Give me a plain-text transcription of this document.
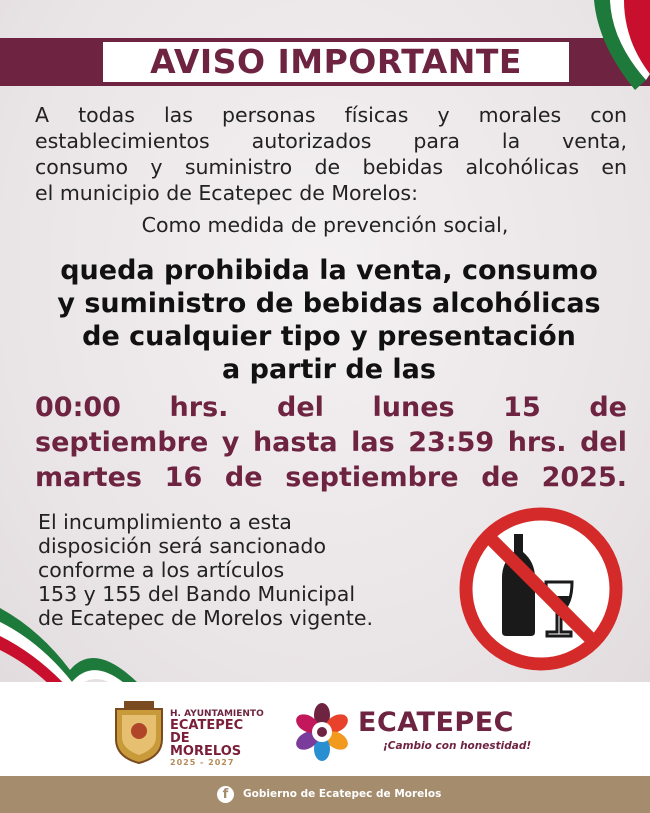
AVISO IMPORTANTE
A todas las personas físicas y morales con
establecimientos autorizados para la venta,
consumo y suministro de bebidas alcohólicas en
el municipio de Ecatepec de Morelos:
Como medida de prevención social,
queda prohibida la venta, consumo
y suministro de bebidas alcohólicas
de cualquier tipo y presentación
a partir de las
00:00 hrs. del lunes 15 de
septiembre y hasta las 23:59 hrs. del
martes 16 de septiembre de 2025.
El incumplimiento a esta
disposición será sancionado
conforme a los artículos
153 y 155 del Bando Municipal
de Ecatepec de Morelos vigente.
H. AYUNTAMIENTO
ECATEPEC
DE MORELOS
2025 - 2027
ECATEPEC
¡Cambio con honestidad!
f	Gobierno de Ecatepec de Morelos
